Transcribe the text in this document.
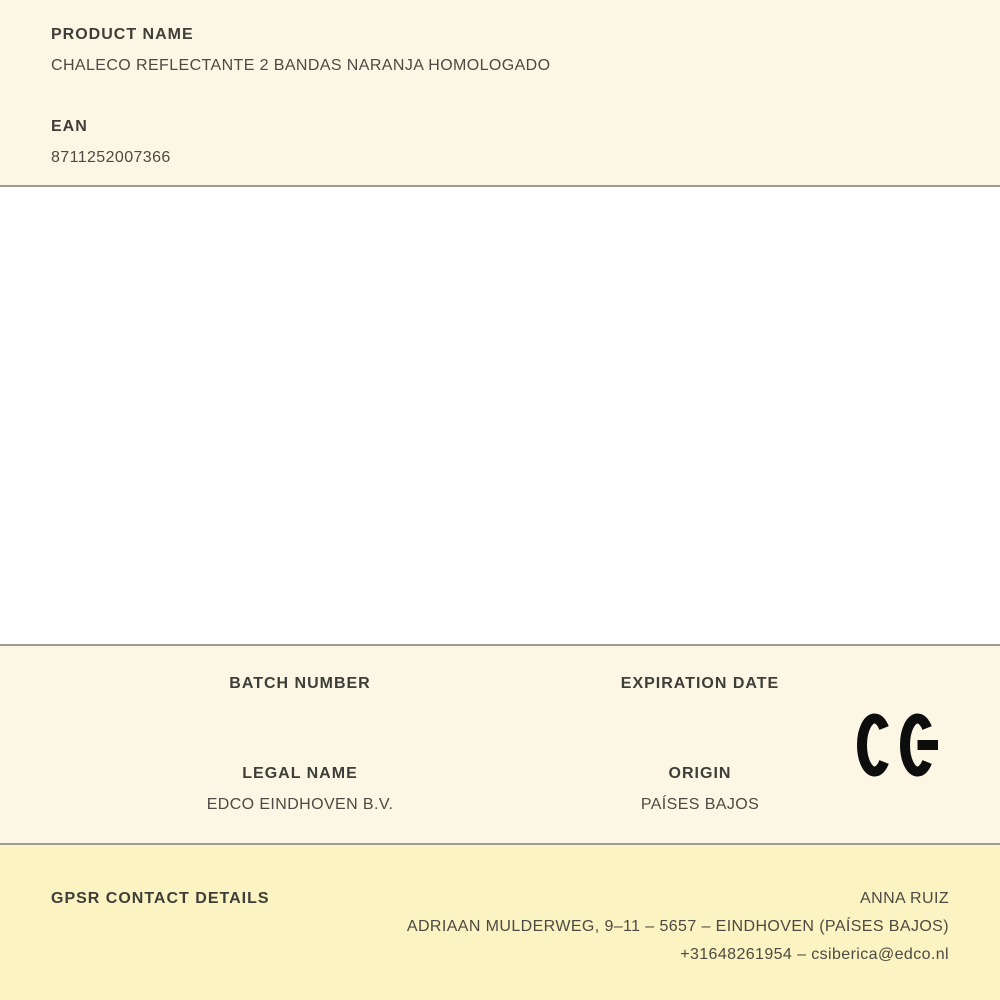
PRODUCT NAME
CHALECO REFLECTANTE 2 BANDAS NARANJA HOMOLOGADO
EAN
8711252007366
BATCH NUMBER	EXPIRATION DATE
LEGAL NAME	ORIGIN
EDCO EINDHOVEN B.V.	PAÍSES BAJOS
GPSR CONTACT DETAILS	ANNA RUIZ
ADRIAAN MULDERWEG, 9–11 – 5657 – EINDHOVEN (PAÍSES BAJOS)
+31648261954 – csiberica@edco.nl
